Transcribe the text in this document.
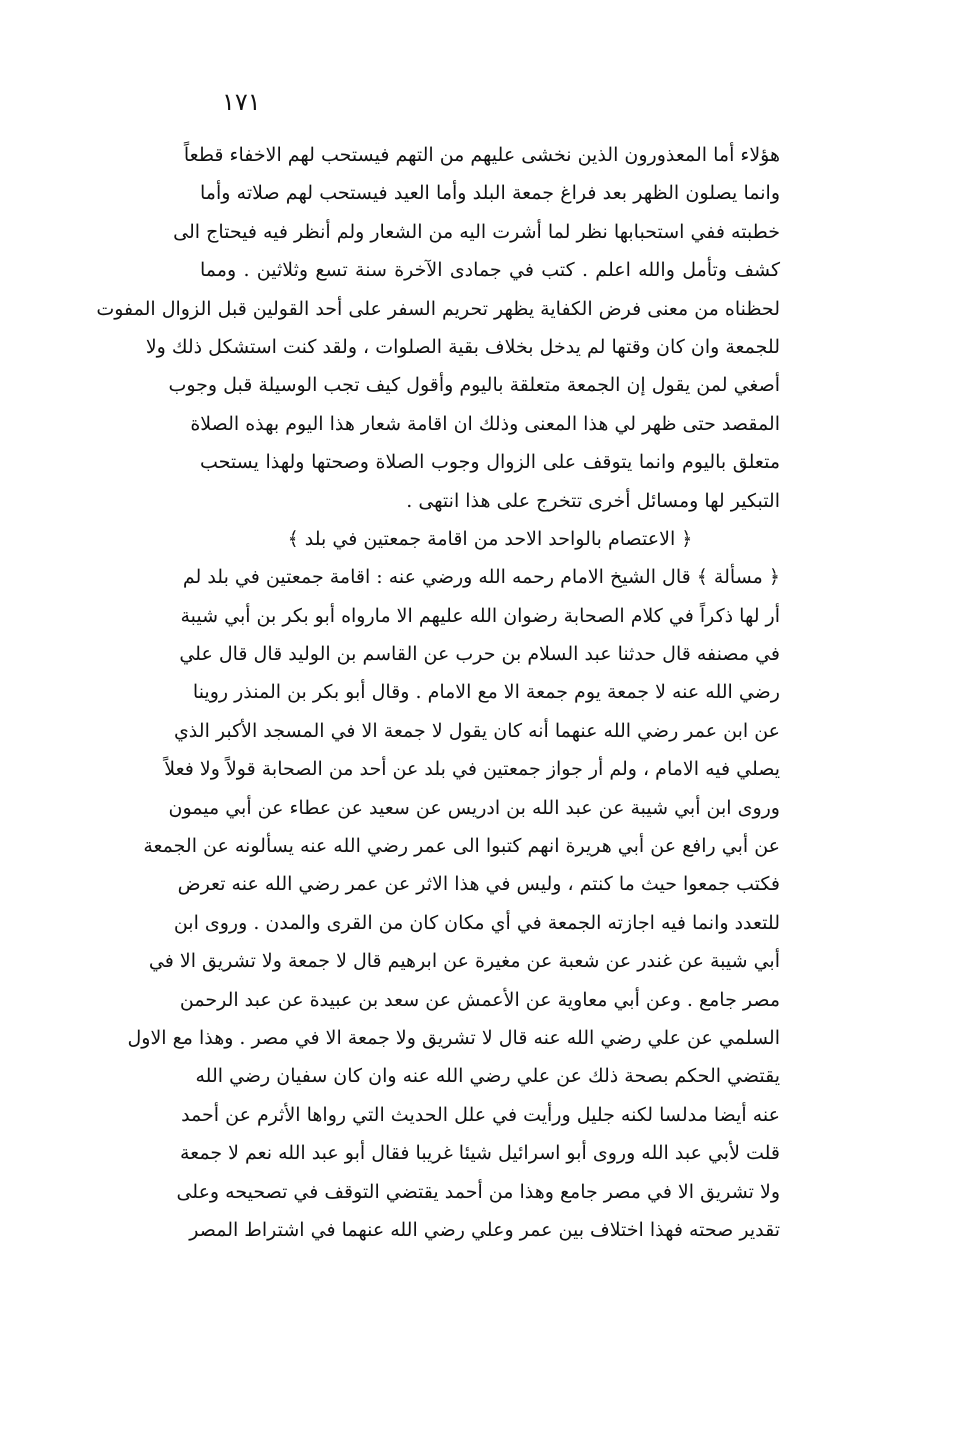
١٧١
هؤلاء أما المعذورون الذين نخشى عليهم من التهم فيستحب لهم الاخفاء قطعاً
وانما يصلون الظهر بعد فراغ جمعة البلد وأما العيد فيستحب لهم صلاته وأما
خطبته ففي استحبابها نظر لما أشرت اليه من الشعار ولم أنظر فيه فيحتاج الى
كشف وتأمل والله اعلم . كتب في جمادى الآخرة سنة تسع وثلاثين . ومما
لحظناه من معنى فرض الكفاية يظهر تحريم السفر على أحد القولين قبل الزوال المفوت
للجمعة وان كان وقتها لم يدخل بخلاف بقية الصلوات ، ولقد كنت استشكل ذلك ولا
أصغي لمن يقول إن الجمعة متعلقة باليوم وأقول كيف تجب الوسيلة قبل وجوب
المقصد حتى ظهر لي هذا المعنى وذلك ان اقامة شعار هذا اليوم بهذه الصلاة
متعلق باليوم وانما يتوقف على الزوال وجوب الصلاة وصحتها ولهذا يستحب
التبكير لها ومسائل أخرى تتخرج على هذا انتهى .
﴿ الاعتصام بالواحد الاحد من اقامة جمعتين في بلد ﴾
﴿ مسألة ﴾ قال الشيخ الامام رحمه الله ورضي عنه : اقامة جمعتين في بلد لم
أر لها ذكراً في كلام الصحابة رضوان الله عليهم الا مارواه أبو بكر بن أبي شيبة
في مصنفه قال حدثنا عبد السلام بن حرب عن القاسم بن الوليد قال قال علي
رضي الله عنه لا جمعة يوم جمعة الا مع الامام . وقال أبو بكر بن المنذر روينا
عن ابن عمر رضي الله عنهما أنه كان يقول لا جمعة الا في المسجد الأكبر الذي
يصلي فيه الامام ، ولم أر جواز جمعتين في بلد عن أحد من الصحابة قولاً ولا فعلاً
وروى ابن أبي شيبة عن عبد الله بن ادريس عن سعيد عن عطاء عن أبي ميمون
عن أبي رافع عن أبي هريرة انهم كتبوا الى عمر رضي الله عنه يسألونه عن الجمعة
فكتب جمعوا حيث ما كنتم ، وليس في هذا الاثر عن عمر رضي الله عنه تعرض
للتعدد وانما فيه اجازته الجمعة في أي مكان كان من القرى والمدن . وروى ابن
أبي شيبة عن غندر عن شعبة عن مغيرة عن ابرهيم قال لا جمعة ولا تشريق الا في
مصر جامع . وعن أبي معاوية عن الأعمش عن سعد بن عبيدة عن عبد الرحمن
السلمي عن علي رضي الله عنه قال لا تشريق ولا جمعة الا في مصر . وهذا مع الاول
يقتضي الحكم بصحة ذلك عن علي رضي الله عنه وان كان سفيان رضي الله
عنه أيضا مدلسا لكنه جليل ورأيت في علل الحديث التي رواها الأثرم عن أحمد
قلت لأبي عبد الله وروى أبو اسرائيل شيئا غريبا فقال أبو عبد الله نعم لا جمعة
ولا تشريق الا في مصر جامع وهذا من أحمد يقتضي التوقف في تصحيحه وعلى
تقدير صحته فهذا اختلاف بين عمر وعلي رضي الله عنهما في اشتراط المصر
